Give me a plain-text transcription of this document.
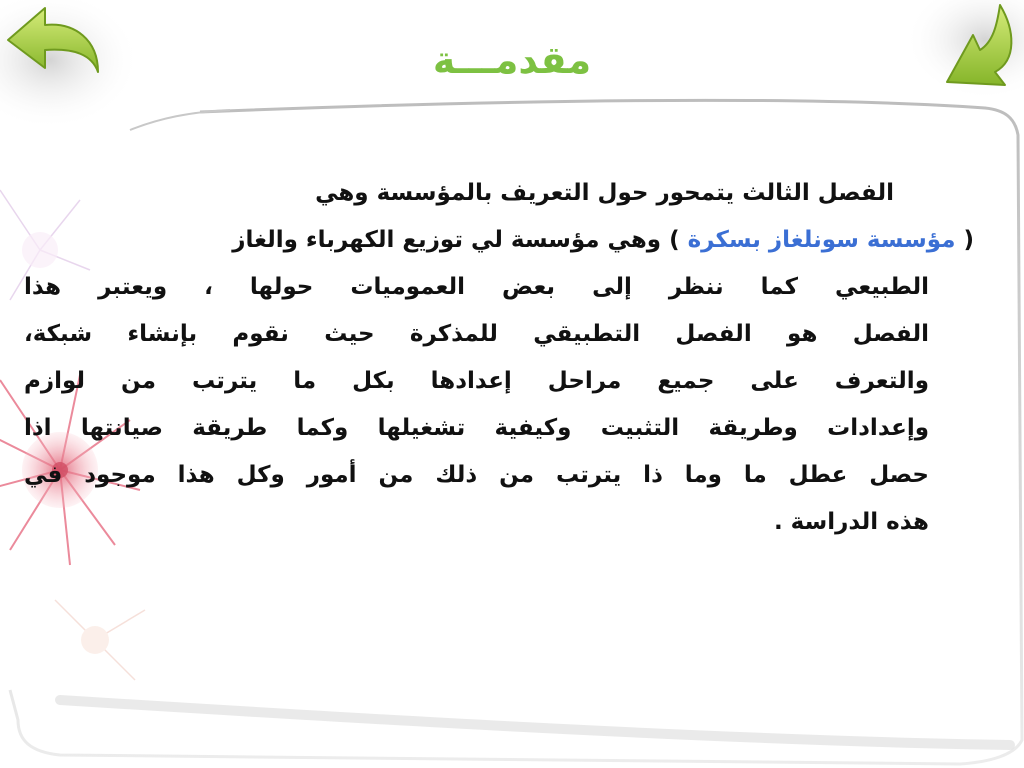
مقدمـــة
الفصل الثالث يتمحور حول التعريف بالمؤسسة وهي
( مؤسسة سونلغاز بسكرة ) وهي مؤسسة لي توزيع الكهرباء والغاز
الطبيعي كما ننظر إلى بعض العموميات حولها ، ويعتبر هذا
الفصل هو الفصل التطبيقي للمذكرة حيث نقوم بإنشاء شبكة،
والتعرف على جميع مراحل إعدادها بكل ما يترتب من لوازم
وإعدادات وطريقة التثبيت وكيفية تشغيلها وكما طريقة صيانتها اذا
حصل عطل ما وما ذا يترتب من ذلك من أمور وكل هذا موجود في
هذه الدراسة .
